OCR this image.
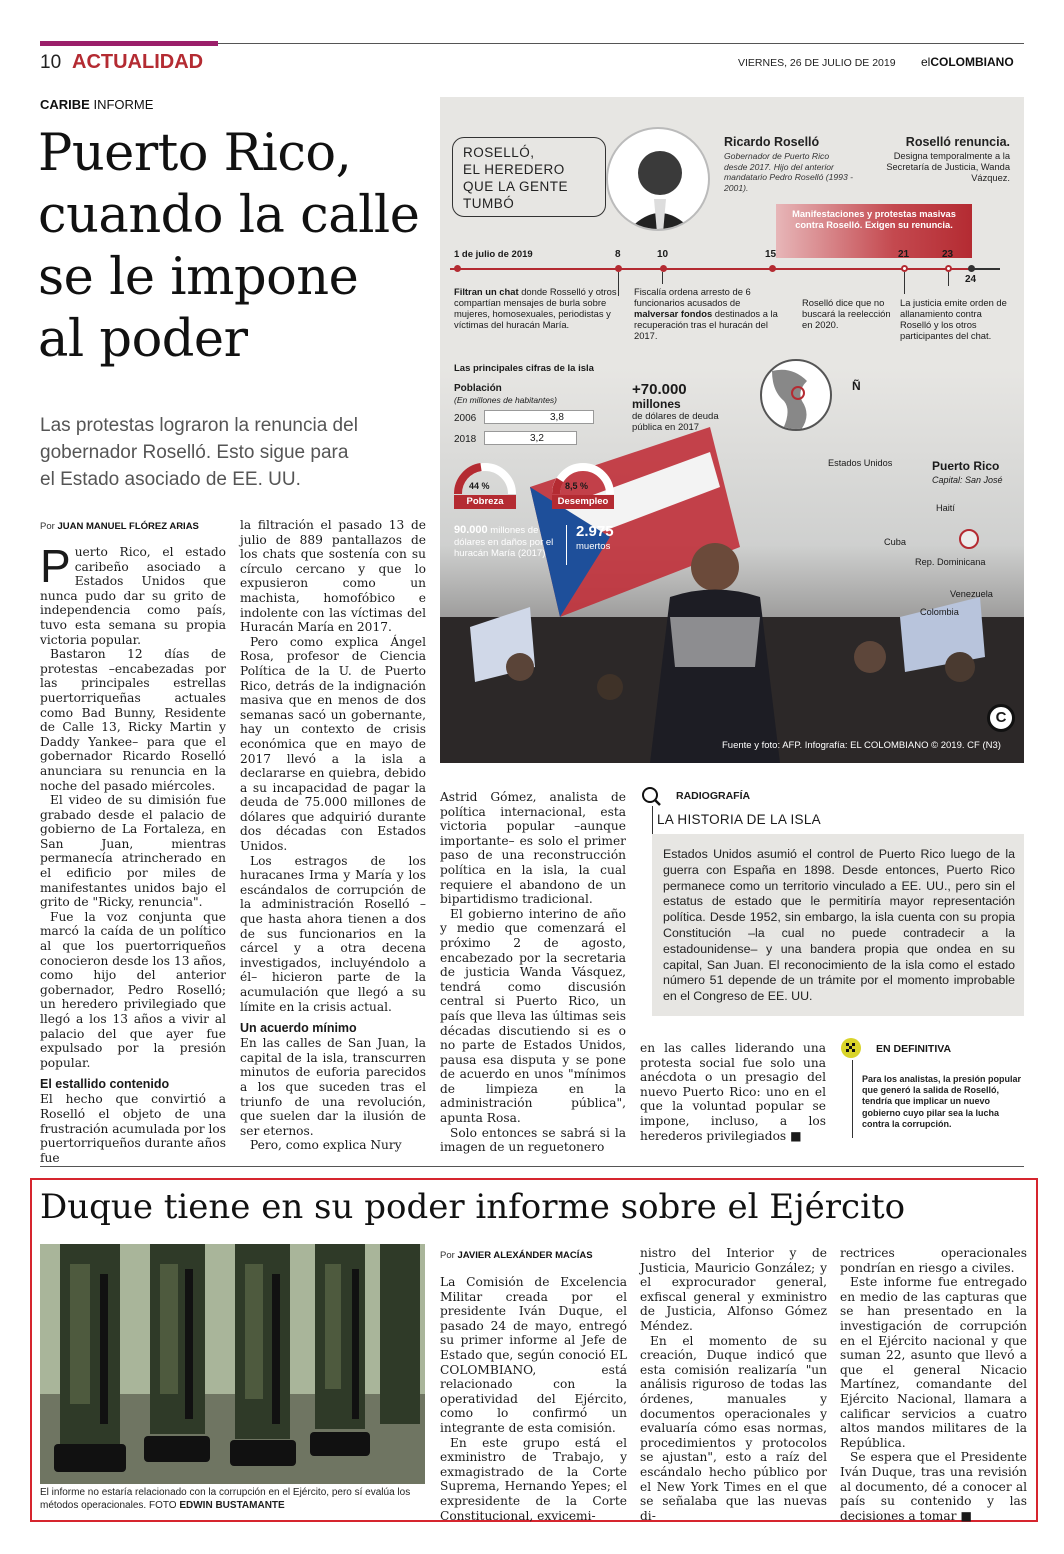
10 ACTUALIDAD	VIERNES, 26 DE JULIO DE 2019 elCOLOMBIANO
CARIBE INFORME
Puerto Rico,
cuando la calle
se le impone
al poder
Las protestas lograron la renuncia del
gobernador Roselló. Esto sigue para
el Estado asociado de EE. UU.
Por JUAN MANUEL FLÓREZ ARIAS

Puerto Rico, el estado caribeño asociado a Estados Unidos que nunca pudo dar su grito de independencia como país, tuvo esta semana su propia victoria popular.

Bastaron 12 días de protestas –encabezadas por las principales estrellas puertorriqueñas actuales como Bad Bunny, Residente de Calle 13, Ricky Martin y Daddy Yankee– para que el gobernador Ricardo Roselló anunciara su renuncia en la noche del pasado miércoles.

El video de su dimisión fue grabado desde el palacio de gobierno de La Fortaleza, en San Juan, mientras permanecía atrincherado en el edificio por miles de manifestantes unidos bajo el grito de "Ricky, renuncia".

Fue la voz conjunta que marcó la caída de un político al que los puertorriqueños conocieron desde los 13 años, como hijo del anterior gobernador, Pedro Roselló; un heredero privilegiado que llegó a los 13 años a vivir al palacio del que ayer fue expulsado por la presión popular.

El estallido contenido

El hecho que convirtió a Roselló el objeto de una frustración acumulada por los puertorriqueños durante años fue

la filtración el pasado 13 de julio de 889 pantallazos de los chats que sostenía con su círculo cercano y que lo expusieron como un machista, homofóbico e indolente con las víctimas del Huracán María en 2017.

Pero como explica Ángel Rosa, profesor de Ciencia Política de la U. de Puerto Rico, detrás de la indignación masiva que en menos de dos semanas sacó un gobernante, hay un contexto de crisis económica que en mayo de 2017 llevó a la isla a declararse en quiebra, debido a su incapacidad de pagar la deuda de 75.000 millones de dólares que adquirió durante dos décadas con Estados Unidos.

Los estragos de los huracanes Irma y María y los escándalos de corrupción de la administración Roselló –que hasta ahora tienen a dos de sus funcionarios en la cárcel y a otra decena investigados, incluyéndolo a él– hicieron parte de la acumulación que llegó a su límite en la crisis actual.

Un acuerdo mínimo

En las calles de San Juan, la capital de la isla, transcurren minutos de euforia parecidos a los que suceden tras el triunfo de una revolución, que suelen dar la ilusión de ser eternos.

Pero, como explica Nury

Astrid Gómez, analista de política internacional, esta victoria popular –aunque importante– es solo el primer paso de una reconstrucción política en la isla, la cual requiere el abandono de un bipartidismo tradicional.

El gobierno interino de año y medio que comenzará el próximo 2 de agosto, encabezado por la secretaria de justicia Wanda Vásquez, tendrá como discusión central si Puerto Rico, un país que lleva las últimas seis décadas discutiendo si es o no parte de Estados Unidos, pausa esa disputa y se pone de acuerdo en unos "mínimos de limpieza en la administración pública", apunta Rosa.

Solo entonces se sabrá si la imagen de un reguetonero

en las calles liderando una protesta social fue solo una anécdota o un presagio del nuevo Puerto Rico: uno en el que la voluntad popular se impone, incluso, a los herederos privilegiados ■

ROSELLÓ,
EL HEREDERO
QUE LA GENTE
TUMBÓ
Ricardo Roselló
Gobernador de Puerto Rico desde 2017. Hijo del anterior mandatario Pedro Roselló (1993 - 2001).
Roselló renuncia.
Designa temporalmente a la Secretaría de Justicia, Wanda Vázquez.
Manifestaciones y protestas masivas contra Roselló. Exigen su renuncia.
1 de julio de 2019	8	10	15	21	23
24
Filtran un chat donde Rosselló y otros compartían mensajes de burla sobre mujeres, homosexuales, periodistas y víctimas del huracán María.
Fiscalía ordena arresto de 6 funcionarios acusados de malversar fondos destinados a la recuperación tras el huracán del 2017.
Roselló dice que no buscará la reelección en 2020.
La justicia emite orden de allanamiento contra Roselló y los otros participantes del chat.
Las principales cifras de la isla
Población
(En millones de habitantes)
2006	3,8
2018	3,2
+70.000
millones
de dólares de deuda pública en 2017
44 %
Pobreza
8,5 %
Desempleo
90.000 millones de dólares en daños por el huracán María (2017)
2.975
muertos
Ñ
Estados Unidos	Puerto Rico
Capital: San José
Haití
Cuba
Rep. Dominicana
Venezuela
Colombia
C
Fuente y foto: AFP. Infografía: EL COLOMBIANO © 2019. CF (N3)
RADIOGRAFÍA
LA HISTORIA DE LA ISLA
Estados Unidos asumió el control de Puerto Rico luego de la guerra con España en 1898. Desde entonces, Puerto Rico permanece como un territorio vinculado a EE. UU., pero sin el estatus de estado que le permitiría mayor representación política. Desde 1952, sin embargo, la isla cuenta con su propia Constitución –la cual no puede contradecir a la estadounidense– y una bandera propia que ondea en su capital, San Juan. El reconocimiento de la isla como el estado número 51 depende de un trámite por el momento improbable en el Congreso de EE. UU.
EN DEFINITIVA
Para los analistas, la presión popular que generó la salida de Roselló, tendría que implicar un nuevo gobierno cuyo pilar sea la lucha contra la corrupción.
Duque tiene en su poder informe sobre el Ejército
El informe no estaría relacionado con la corrupción en el Ejército, pero sí evalúa los métodos operacionales. FOTO EDWIN BUSTAMANTE
Por JAVIER ALEXÁNDER MACÍAS

La Comisión de Excelencia Militar creada por el presidente Iván Duque, el pasado 24 de mayo, entregó su primer informe al Jefe de Estado que, según conoció EL COLOMBIANO, está relacionado con la operatividad del Ejército, como lo confirmó un integrante de esta comisión.

En este grupo está el exministro de Trabajo, y exmagistrado de la Corte Suprema, Hernando Yepes; el expresidente de la Corte Constitucional, exvicemi-

nistro del Interior y de Justicia, Mauricio González; y el exprocurador general, exfiscal general y exministro de Justicia, Alfonso Gómez Méndez.

En el momento de su creación, Duque indicó que esta comisión realizaría "un análisis riguroso de todas las órdenes, manuales y documentos operacionales y evaluaría cómo esas normas, procedimientos y protocolos se ajustan", esto a raíz del escándalo hecho público por el New York Times en el que se señalaba que las nuevas di-

rectrices operacionales pondrían en riesgo a civiles.

Este informe fue entregado en medio de las capturas que se han presentado en la investigación de corrupción en el Ejército nacional y que suman 22, asunto que llevó a que el general Nicacio Martínez, comandante del Ejército Nacional, llamara a calificar servicios a cuatro altos mandos militares de la República.

Se espera que el Presidente Iván Duque, tras una revisión al documento, dé a conocer al país su contenido y las decisiones a tomar ■
